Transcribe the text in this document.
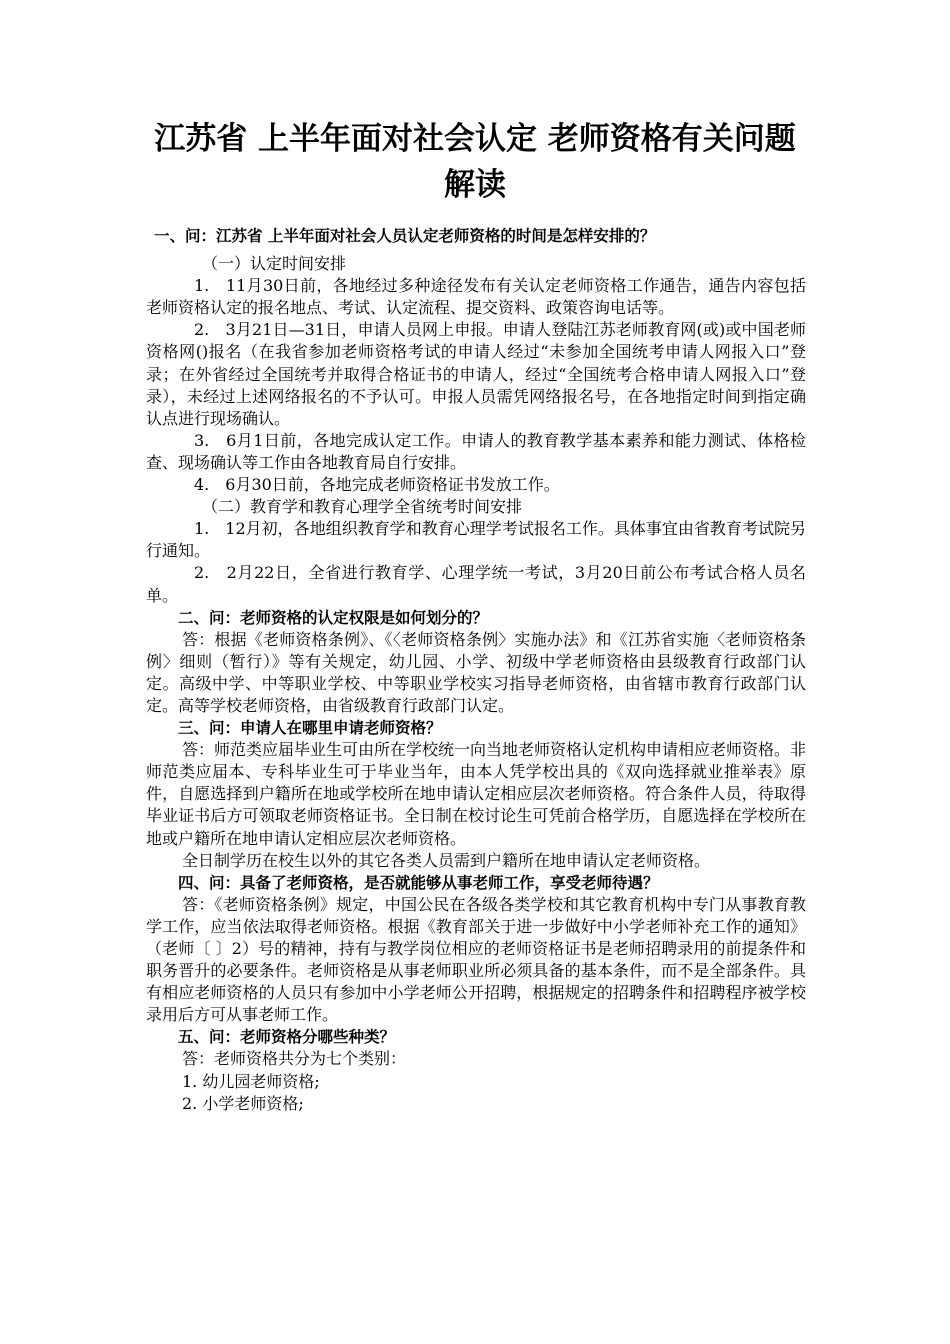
江苏省 上半年面对社会认定 老师资格有关问题
解读

一、问：江苏省 上半年面对社会人员认定老师资格的时间是怎样安排的？

（一）认定时间安排

1.　11月30日前，各地经过多种途径发布有关认定老师资格工作通告，通告内容包括老师资格认定的报名地点、考试、认定流程、提交资料、政策咨询电话等。

2.　3月21日—31日，申请人员网上申报。申请人登陆江苏老师教育网(或)或中国老师资格网()报名（在我省参加老师资格考试的申请人经过“未参加全国统考申请人网报入口”登录；在外省经过全国统考并取得合格证书的申请人，经过“全国统考合格申请人网报入口”登录），未经过上述网络报名的不予认可。申报人员需凭网络报名号，在各地指定时间到指定确认点进行现场确认。

3.　6月1日前，各地完成认定工作。申请人的教育教学基本素养和能力测试、体格检查、现场确认等工作由各地教育局自行安排。

4.　6月30日前，各地完成老师资格证书发放工作。

（二）教育学和教育心理学全省统考时间安排

1.　12月初，各地组织教育学和教育心理学考试报名工作。具体事宜由省教育考试院另行通知。

2.　2月22日，全省进行教育学、心理学统一考试，3月20日前公布考试合格人员名单。

二、问：老师资格的认定权限是如何划分的？

答：根据《老师资格条例》、《〈老师资格条例〉实施办法》和《江苏省实施〈老师资格条例〉细则（暂行）》等有关规定，幼儿园、小学、初级中学老师资格由县级教育行政部门认定。高级中学、中等职业学校、中等职业学校实习指导老师资格，由省辖市教育行政部门认定。高等学校老师资格，由省级教育行政部门认定。

三、问：申请人在哪里申请老师资格？

答：师范类应届毕业生可由所在学校统一向当地老师资格认定机构申请相应老师资格。非师范类应届本、专科毕业生可于毕业当年，由本人凭学校出具的《双向选择就业推举表》原件，自愿选择到户籍所在地或学校所在地申请认定相应层次老师资格。符合条件人员，待取得毕业证书后方可领取老师资格证书。全日制在校讨论生可凭前合格学历，自愿选择在学校所在地或户籍所在地申请认定相应层次老师资格。

全日制学历在校生以外的其它各类人员需到户籍所在地申请认定老师资格。

四、问：具备了老师资格，是否就能够从事老师工作，享受老师待遇？

答：《老师资格条例》规定，中国公民在各级各类学校和其它教育机构中专门从事教育教学工作，应当依法取得老师资格。根据《教育部关于进一步做好中小学老师补充工作的通知》（老师〔 〕2）号的精神，持有与教学岗位相应的老师资格证书是老师招聘录用的前提条件和职务晋升的必要条件。老师资格是从事老师职业所必须具备的基本条件，而不是全部条件。具有相应老师资格的人员只有参加中小学老师公开招聘，根据规定的招聘条件和招聘程序被学校录用后方可从事老师工作。

五、问：老师资格分哪些种类？

答：老师资格共分为七个类别：

1. 幼儿园老师资格;

2. 小学老师资格;
